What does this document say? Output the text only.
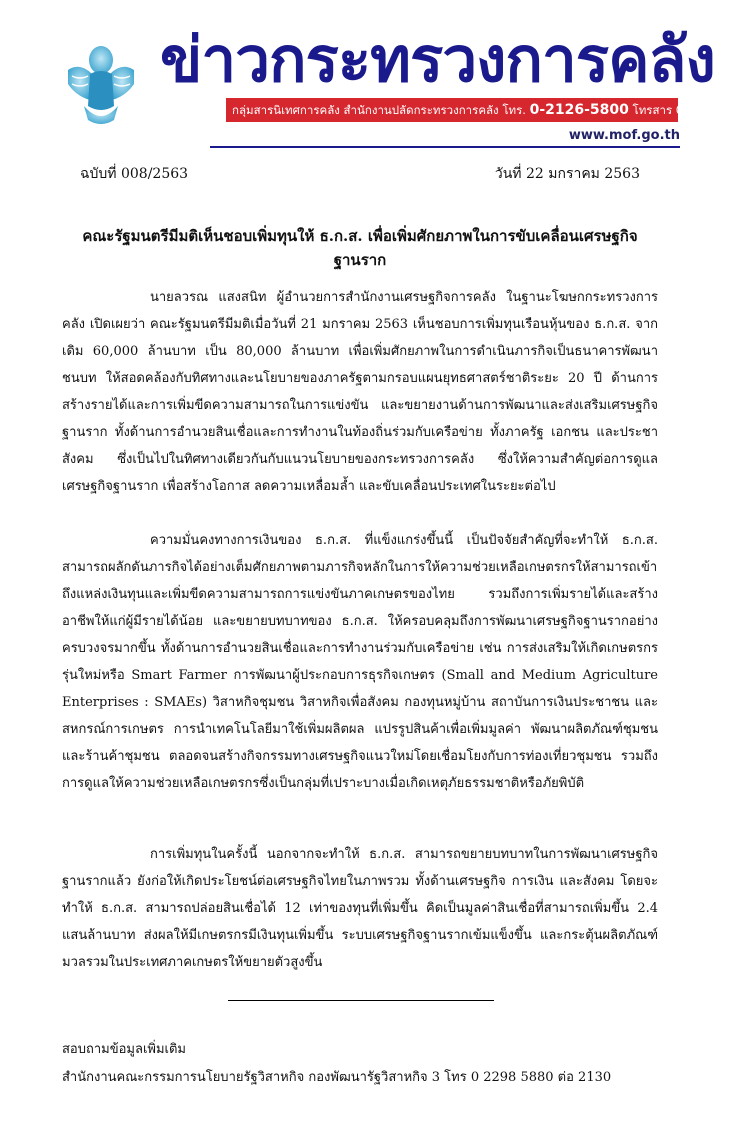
ข่าวกระทรวงการคลัง
กลุ่มสารนิเทศการคลัง สำนักงานปลัดกระทรวงการคลัง โทร. 0-2126-5800 โทรสาร 0-2273-9763
www.mof.go.th
ฉบับที่ 008/2563	วันที่ 22 มกราคม 2563
คณะรัฐมนตรีมีมติเห็นชอบเพิ่มทุนให้ ธ.ก.ส. เพื่อเพิ่มศักยภาพในการขับเคลื่อนเศรษฐกิจฐานราก
นายลวรณ แสงสนิท ผู้อำนวยการสำนักงานเศรษฐกิจการคลัง ในฐานะโฆษกกระทรวงการคลัง เปิดเผยว่า คณะรัฐมนตรีมีมติเมื่อวันที่ 21 มกราคม 2563 เห็นชอบการเพิ่มทุนเรือนหุ้นของ ธ.ก.ส. จากเดิม 60,000 ล้านบาท เป็น 80,000 ล้านบาท เพื่อเพิ่มศักยภาพในการดำเนินภารกิจเป็นธนาคารพัฒนาชนบท ให้สอดคล้องกับทิศทางและนโยบายของภาครัฐตามกรอบแผนยุทธศาสตร์ชาติระยะ 20 ปี ด้านการสร้างรายได้และการเพิ่มขีดความสามารถในการแข่งขัน และขยายงานด้านการพัฒนาและส่งเสริมเศรษฐกิจฐานราก ทั้งด้านการอำนวยสินเชื่อและการทำงานในท้องถิ่นร่วมกับเครือข่าย ทั้งภาครัฐ เอกชน และประชาสังคม ซึ่งเป็นไปในทิศทางเดียวกันกับแนวนโยบายของกระทรวงการคลัง ซึ่งให้ความสำคัญต่อการดูแลเศรษฐกิจฐานราก เพื่อสร้างโอกาส ลดความเหลื่อมล้ำ และขับเคลื่อนประเทศในระยะต่อไป
ความมั่นคงทางการเงินของ ธ.ก.ส. ที่แข็งแกร่งขึ้นนี้ เป็นปัจจัยสำคัญที่จะทำให้ ธ.ก.ส. สามารถผลักดันภารกิจได้อย่างเต็มศักยภาพตามภารกิจหลักในการให้ความช่วยเหลือเกษตรกรให้สามารถเข้าถึงแหล่งเงินทุนและเพิ่มขีดความสามารถการแข่งขันภาคเกษตรของไทย รวมถึงการเพิ่มรายได้และสร้างอาชีพให้แก่ผู้มีรายได้น้อย และขยายบทบาทของ ธ.ก.ส. ให้ครอบคลุมถึงการพัฒนาเศรษฐกิจฐานรากอย่างครบวงจรมากขึ้น ทั้งด้านการอำนวยสินเชื่อและการทำงานร่วมกับเครือข่าย เช่น การส่งเสริมให้เกิดเกษตรกรรุ่นใหม่หรือ Smart Farmer การพัฒนาผู้ประกอบการธุรกิจเกษตร (Small and Medium Agriculture Enterprises : SMAEs) วิสาหกิจชุมชน วิสาหกิจเพื่อสังคม กองทุนหมู่บ้าน สถาบันการเงินประชาชน และสหกรณ์การเกษตร การนำเทคโนโลยีมาใช้เพิ่มผลิตผล แปรรูปสินค้าเพื่อเพิ่มมูลค่า พัฒนาผลิตภัณฑ์ชุมชนและร้านค้าชุมชน ตลอดจนสร้างกิจกรรมทางเศรษฐกิจแนวใหม่โดยเชื่อมโยงกับการท่องเที่ยวชุมชน รวมถึงการดูแลให้ความช่วยเหลือเกษตรกรซึ่งเป็นกลุ่มที่เปราะบางเมื่อเกิดเหตุภัยธรรมชาติหรือภัยพิบัติ
การเพิ่มทุนในครั้งนี้ นอกจากจะทำให้ ธ.ก.ส. สามารถขยายบทบาทในการพัฒนาเศรษฐกิจฐานรากแล้ว ยังก่อให้เกิดประโยชน์ต่อเศรษฐกิจไทยในภาพรวม ทั้งด้านเศรษฐกิจ การเงิน และสังคม โดยจะทำให้ ธ.ก.ส. สามารถปล่อยสินเชื่อได้ 12 เท่าของทุนที่เพิ่มขึ้น คิดเป็นมูลค่าสินเชื่อที่สามารถเพิ่มขึ้น 2.4 แสนล้านบาท ส่งผลให้มีเกษตรกรมีเงินทุนเพิ่มขึ้น ระบบเศรษฐกิจฐานรากเข้มแข็งขึ้น และกระตุ้นผลิตภัณฑ์มวลรวมในประเทศภาคเกษตรให้ขยายตัวสูงขึ้น
สอบถามข้อมูลเพิ่มเติม
สำนักงานคณะกรรมการนโยบายรัฐวิสาหกิจ กองพัฒนารัฐวิสาหกิจ 3 โทร 0 2298 5880 ต่อ 2130
